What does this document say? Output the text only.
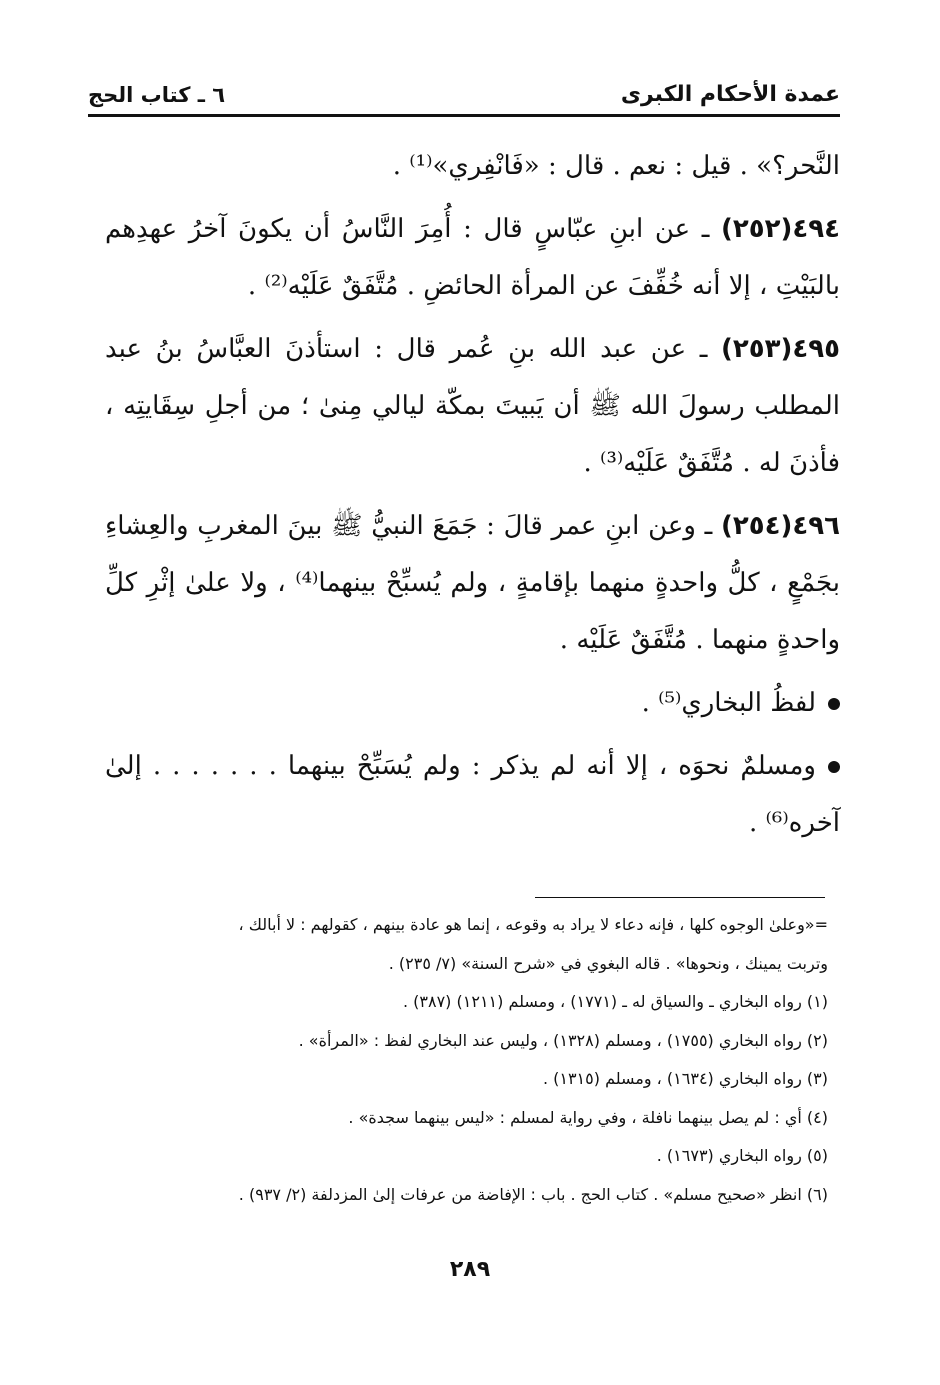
عمدة الأحكام الكبرى
٦ ـ كتاب الحج

النَّحر؟» . قيل : نعم . قال : «فَانْفِري»⁽¹⁾ .

٤٩٤(٢٥٢) ـ عن ابنِ عبّاسٍ قال : أُمِرَ النَّاسُ أن يكونَ آخرُ عهدِهم بالبَيْتِ ، إلا أنه خُفِّفَ عن المرأة الحائضِ . مُتَّفَقٌ عَلَيْه⁽²⁾ .

٤٩٥(٢٥٣) ـ عن عبد الله بنِ عُمر قال : استأذنَ العبَّاسُ بنُ عبد المطلب رسولَ الله ﷺ أن يَبيتَ بمكّة ليالي مِنىٰ ؛ من أجلِ سِقَايتِه ، فأذنَ له . مُتَّفَقٌ عَلَيْه⁽³⁾ .

٤٩٦(٢٥٤) ـ وعن ابنِ عمر قالَ : جَمَعَ النبيُّ ﷺ بينَ المغربِ والعِشاءِ بجَمْعٍ ، كلُّ واحدةٍ منهما بإقامةٍ ، ولم يُسبِّحْ بينهما⁽⁴⁾ ، ولا علىٰ إثْرِ كلِّ واحدةٍ منهما . مُتَّفَقٌ عَلَيْه .

لفظُ البخاري⁽⁵⁾ .

ومسلمٌ نحوَه ، إلا أنه لم يذكر : ولم يُسَبِّحْ بينهما . . . . . . . إلىٰ آخره⁽⁶⁾ .

=«وعلىٰ الوجوه كلها ، فإنه دعاء لا يراد به وقوعه ، إنما هو عادة بينهم ، كقولهم : لا أبالك ،

وتربت يمينك ، ونحوها» . قاله البغوي في «شرح السنة» (٧/ ٢٣٥) .

(١) رواه البخاري ـ والسياق له ـ (١٧٧١) ، ومسلم (١٢١١) (٣٨٧) .

(٢) رواه البخاري (١٧٥٥) ، ومسلم (١٣٢٨) ، وليس عند البخاري لفظ : «المرأة» .

(٣) رواه البخاري (١٦٣٤) ، ومسلم (١٣١٥) .

(٤) أي : لم يصل بينهما نافلة ، وفي رواية لمسلم : «ليس بينهما سجدة» .

(٥) رواه البخاري (١٦٧٣) .

(٦) انظر «صحيح مسلم» . كتاب الحج . باب : الإفاضة من عرفات إلىٰ المزدلفة (٢/ ٩٣٧) .

٢٨٩
